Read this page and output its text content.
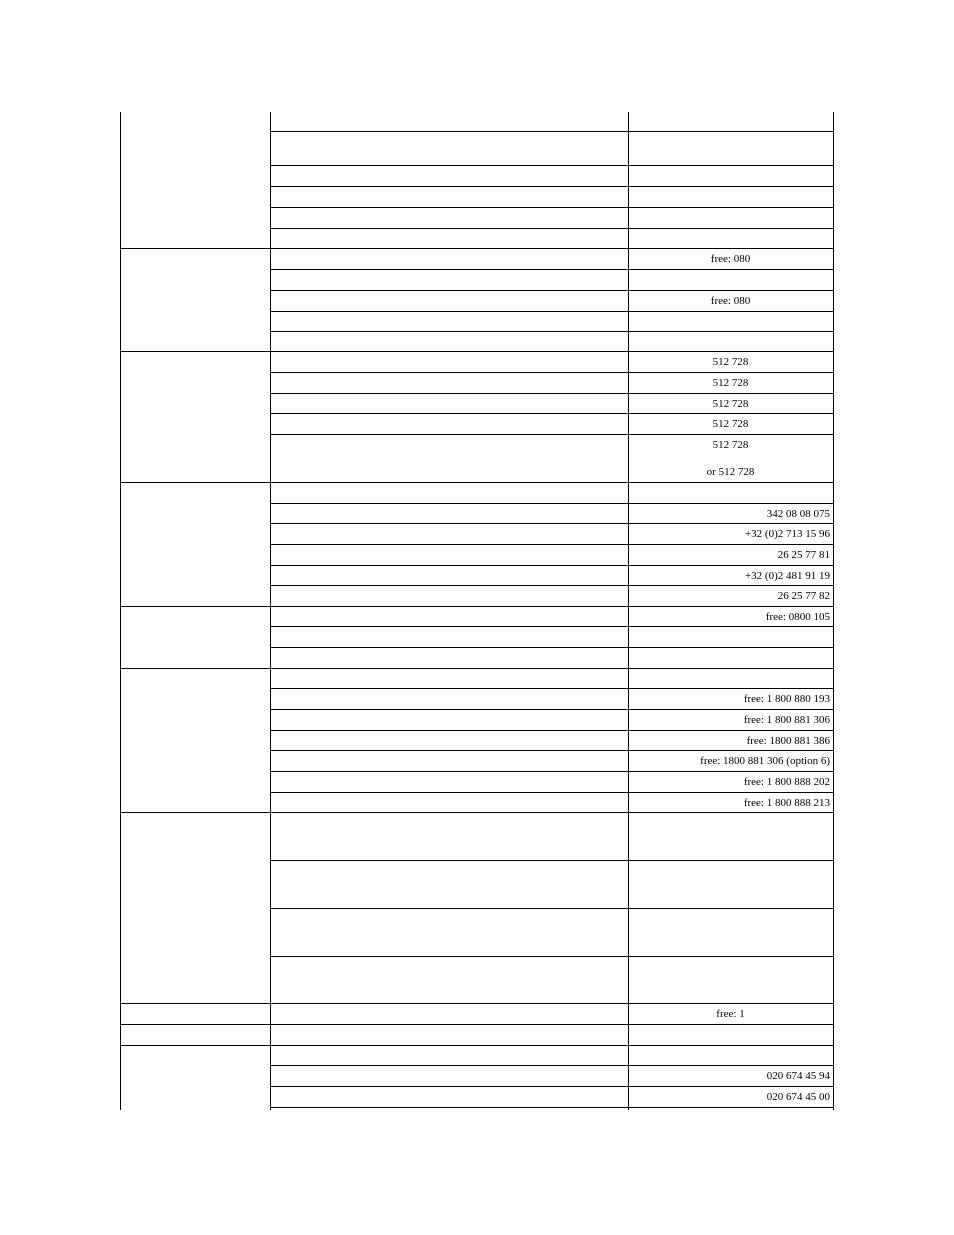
free: 080
free: 080
512 728
512 728
512 728
512 728
512 728
or 512 728
342 08 08 075
+32 (0)2 713 15 96
26 25 77 81
+32 (0)2 481 91 19
26 25 77 82
free: 0800 105
free: 1 800 880 193
free: 1 800 881 306
free: 1800 881 386
free: 1800 881 306 (option 6)
free: 1 800 888 202
free: 1 800 888 213
free: 1
020 674 45 94
020 674 45 00
